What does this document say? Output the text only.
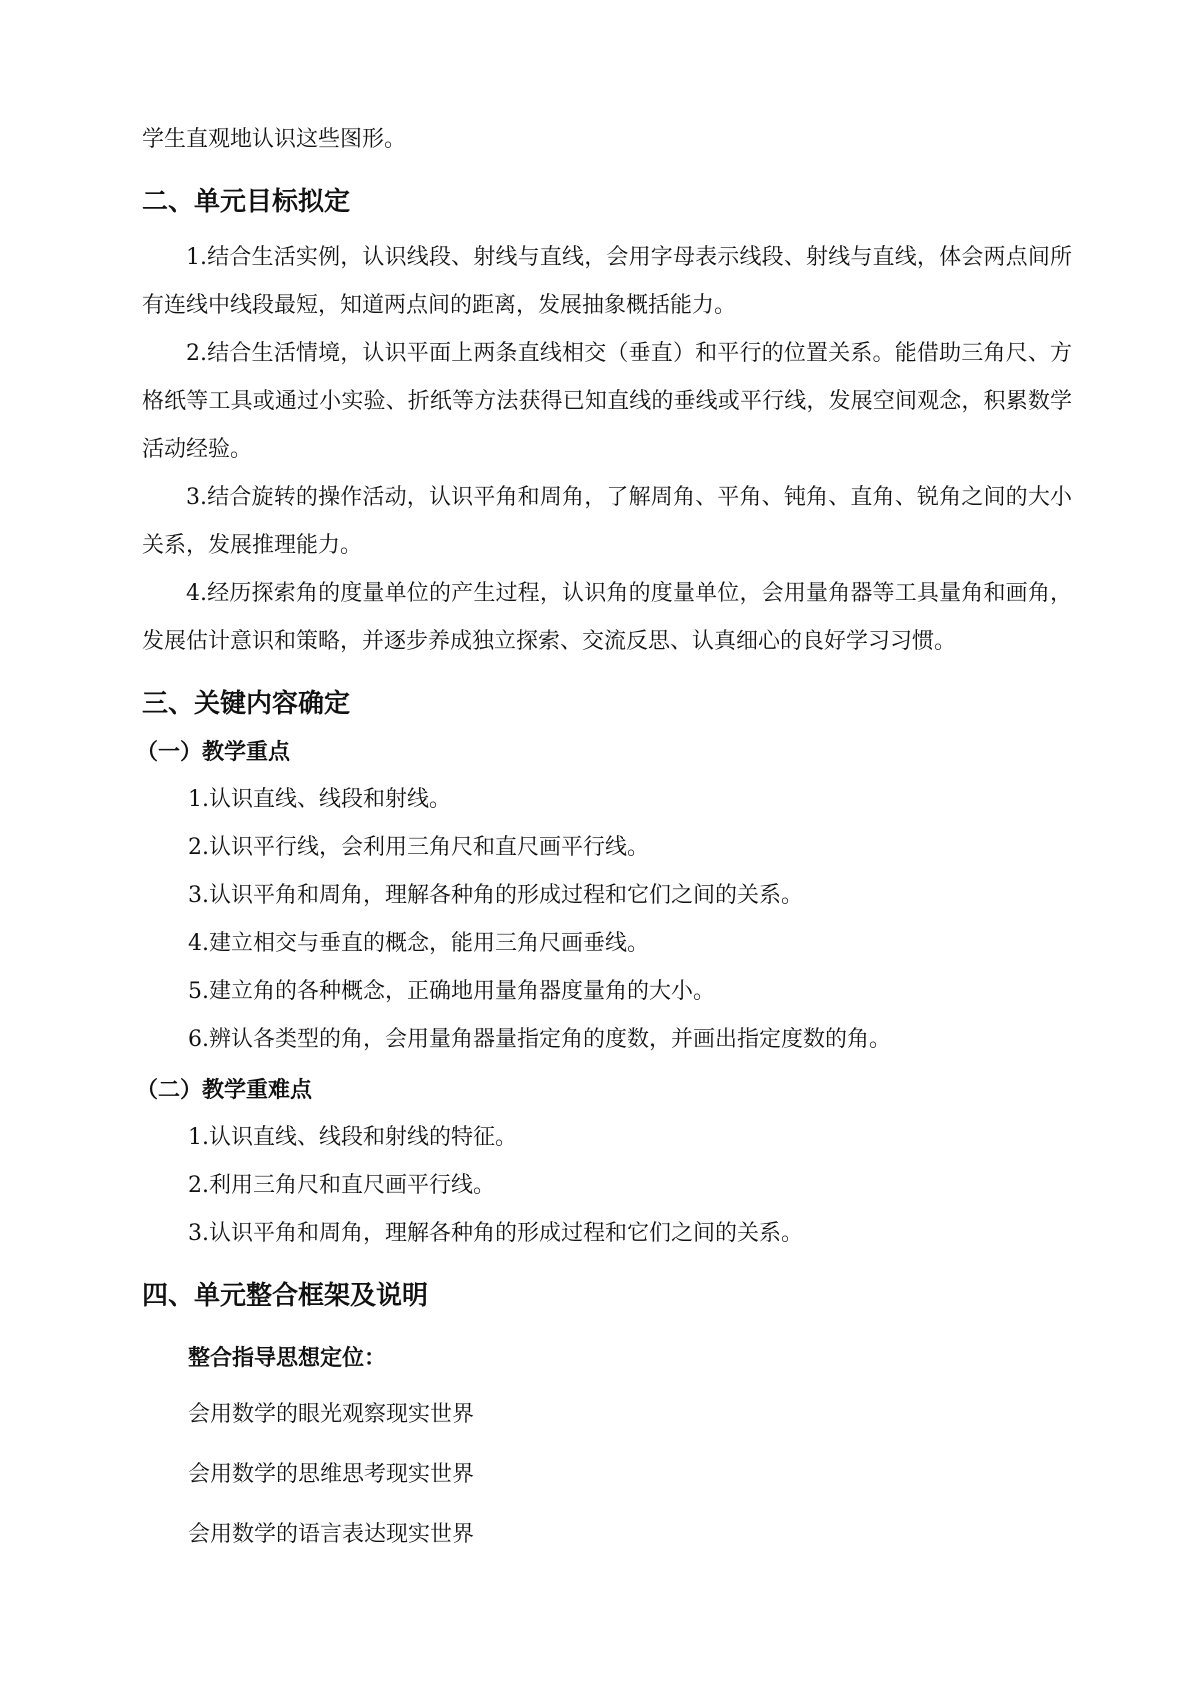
学生直观地认识这些图形。

二、单元目标拟定

1.结合生活实例，认识线段、射线与直线，会用字母表示线段、射线与直线，体会两点间所有连线中线段最短，知道两点间的距离，发展抽象概括能力。

2.结合生活情境，认识平面上两条直线相交（垂直）和平行的位置关系。能借助三角尺、方格纸等工具或通过小实验、折纸等方法获得已知直线的垂线或平行线，发展空间观念，积累数学活动经验。

3.结合旋转的操作活动，认识平角和周角，了解周角、平角、钝角、直角、锐角之间的大小关系，发展推理能力。

4.经历探索角的度量单位的产生过程，认识角的度量单位，会用量角器等工具量角和画角，发展估计意识和策略，并逐步养成独立探索、交流反思、认真细心的良好学习习惯。

三、关键内容确定
（一）教学重点
1.认识直线、线段和射线。
2.认识平行线，会利用三角尺和直尺画平行线。
3.认识平角和周角，理解各种角的形成过程和它们之间的关系。
4.建立相交与垂直的概念，能用三角尺画垂线。
5.建立角的各种概念，正确地用量角器度量角的大小。
6.辨认各类型的角，会用量角器量指定角的度数，并画出指定度数的角。
（二）教学重难点
1.认识直线、线段和射线的特征。
2.利用三角尺和直尺画平行线。
3.认识平角和周角，理解各种角的形成过程和它们之间的关系。
四、单元整合框架及说明
整合指导思想定位：
会用数学的眼光观察现实世界
会用数学的思维思考现实世界
会用数学的语言表达现实世界
